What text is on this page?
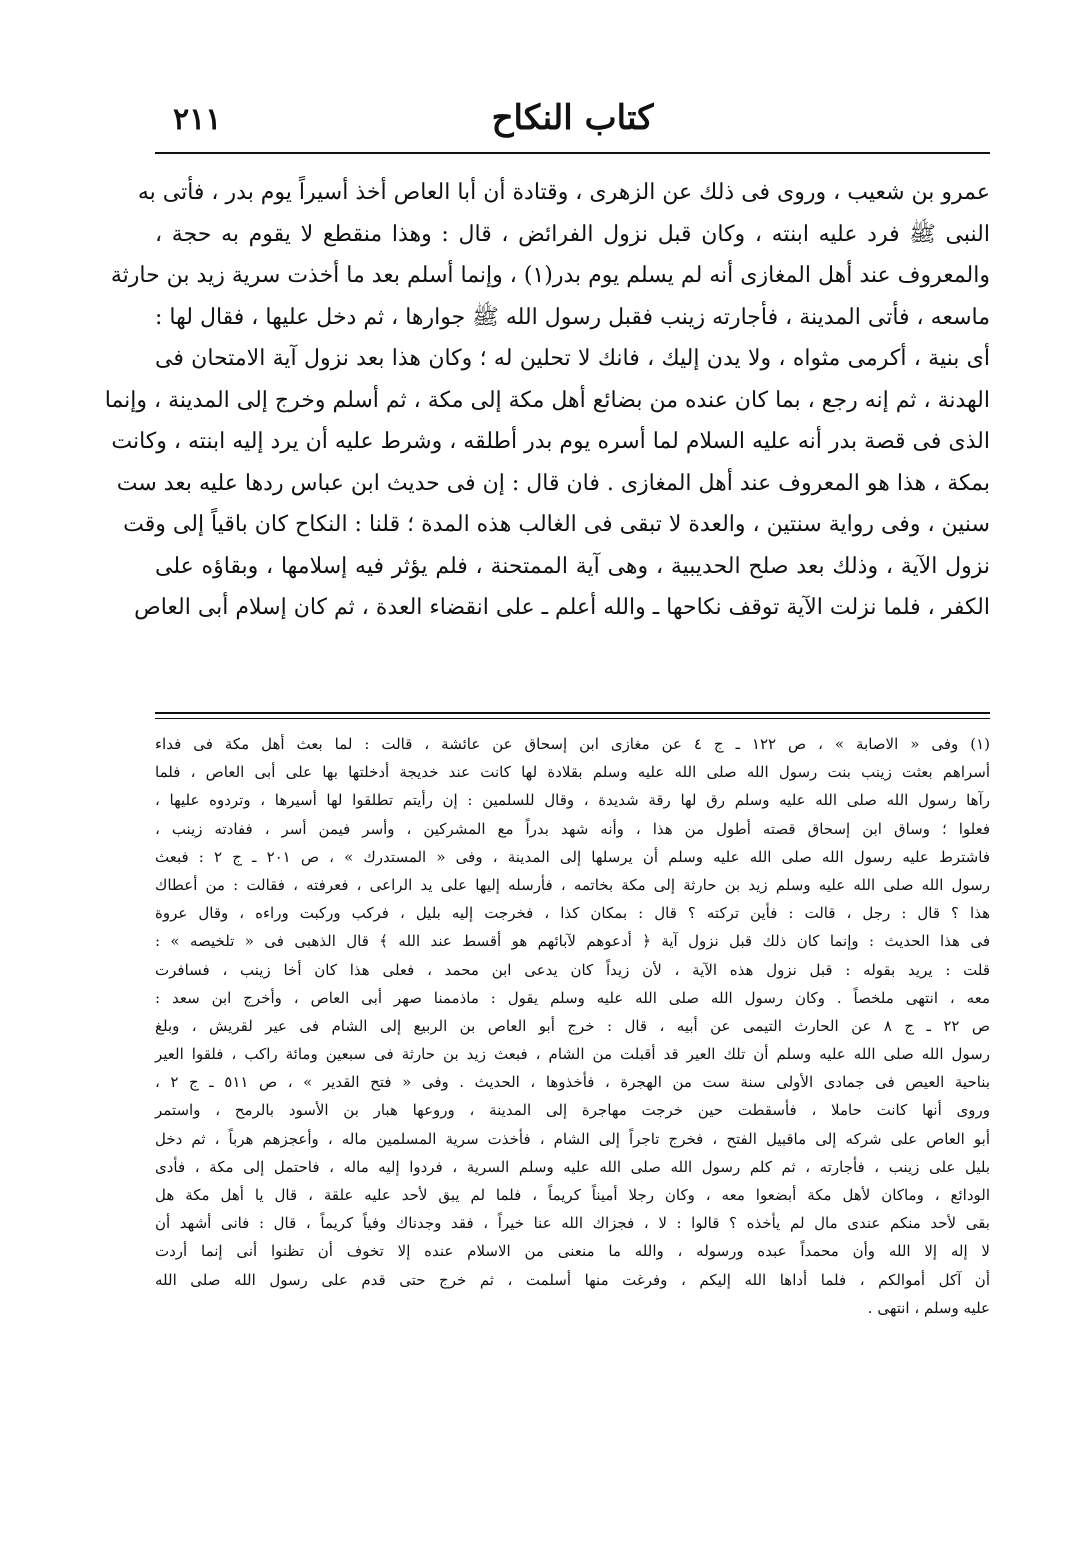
كتاب النكاح
٢١١
عمرو بن شعيب ، وروى فى ذلك عن الزهرى ، وقتادة أن أبا العاص أخذ أسيراً يوم بدر ، فأتى به
النبى ﷺ فرد عليه ابنته ، وكان قبل نزول الفرائض ، قال : وهذا منقطع لا يقوم به حجة ،
والمعروف عند أهل المغازى أنه لم يسلم يوم بدر(١) ، وإنما أسلم بعد ما أخذت سرية زيد بن حارثة
ماسعه ، فأتى المدينة ، فأجارته زينب فقبل رسول الله ﷺ جوارها ، ثم دخل عليها ، فقال لها :
أى بنية ، أكرمى مثواه ، ولا يدن إليك ، فانك لا تحلين له ؛ وكان هذا بعد نزول آية الامتحان فى
الهدنة ، ثم إنه رجع ، بما كان عنده من بضائع أهل مكة إلى مكة ، ثم أسلم وخرج إلى المدينة ، وإنما
الذى فى قصة بدر أنه عليه السلام لما أسره يوم بدر أطلقه ، وشرط عليه أن يرد إليه ابنته ، وكانت
بمكة ، هذا هو المعروف عند أهل المغازى . فان قال : إن فى حديث ابن عباس ردها عليه بعد ست
سنين ، وفى رواية سنتين ، والعدة لا تبقى فى الغالب هذه المدة ؛ قلنا : النكاح كان باقياً إلى وقت
نزول الآية ، وذلك بعد صلح الحديبية ، وهى آية الممتحنة ، فلم يؤثر فيه إسلامها ، وبقاؤه على
الكفر ، فلما نزلت الآية توقف نكاحها ـ والله أعلم ـ على انقضاء العدة ، ثم كان إسلام أبى العاص
(١) وفى « الاصابة » ، ص ١٢٢ ـ ج ٤ عن مغازى ابن إسحاق عن عائشة ، قالت : لما بعث أهل مكة فى فداء
أسراهم بعثت زينب بنت رسول الله صلى الله عليه وسلم بقلادة لها كانت عند خديجة أدخلتها بها على أبى العاص ، فلما
رآها رسول الله صلى الله عليه وسلم رق لها رقة شديدة ، وقال للسلمين : إن رأيتم تطلقوا لها أسيرها ، وتردوه عليها ،
فعلوا ؛ وساق ابن إسحاق قصته أطول من هذا ، وأنه شهد بدراً مع المشركين ، وأسر فيمن أسر ، ففادته زينب ،
فاشترط عليه رسول الله صلى الله عليه وسلم أن يرسلها إلى المدينة ، وفى « المستدرك » ، ص ٢٠١ ـ ج ٢ : فبعث
رسول الله صلى الله عليه وسلم زيد بن حارثة إلى مكة بخاتمه ، فأرسله إليها على يد الراعى ، فعرفته ، فقالت : من أعطاك
هذا ؟ قال : رجل ، قالت : فأين تركته ؟ قال : بمكان كذا ، فخرجت إليه بليل ، فركب وركبت وراءه ، وقال عروة
فى هذا الحديث : وإنما كان ذلك قبل نزول آية ﴿ أدعوهم لآبائهم هو أقسط عند الله ﴾ قال الذهبى فى « تلخيصه » :
قلت : يريد بقوله : قبل نزول هذه الآية ، لأن زيداً كان يدعى ابن محمد ، فعلى هذا كان أخا زينب ، فسافرت
معه ، انتهى ملخصاً . وكان رسول الله صلى الله عليه وسلم يقول : ماذممنا صهر أبى العاص ، وأخرج ابن سعد :
ص ٢٢ ـ ج ٨ عن الحارث التيمى عن أبيه ، قال : خرج أبو العاص بن الربيع إلى الشام فى عير لقريش ، وبلغ
رسول الله صلى الله عليه وسلم أن تلك العير قد أقبلت من الشام ، فبعث زيد بن حارثة فى سبعين ومائة راكب ، فلقوا العير
بناحية العيص فى جمادى الأولى سنة ست من الهجرة ، فأخذوها ، الحديث . وفى « فتح القدير » ، ص ٥١١ ـ ج ٢ ،
وروى أنها كانت حاملا ، فأسقطت حين خرجت مهاجرة إلى المدينة ، وروعها هبار بن الأسود بالرمح ، واستمر
أبو العاص على شركه إلى ماقبيل الفتح ، فخرج تاجراً إلى الشام ، فأخذت سرية المسلمين ماله ، وأعجزهم هرباً ، ثم دخل
بليل على زينب ، فأجارته ، ثم كلم رسول الله صلى الله عليه وسلم السرية ، فردوا إليه ماله ، فاحتمل إلى مكة ، فأدى
الودائع ، وماكان لأهل مكة أبضعوا معه ، وكان رجلا أميناً كريماً ، فلما لم يبق لأحد عليه علقة ، قال يا أهل مكة هل
بقى لأحد منكم عندى مال لم يأخذه ؟ قالوا : لا ، فجزاك الله عنا خيراً ، فقد وجدناك وفياً كريماً ، قال : فانى أشهد أن
لا إله إلا الله وأن محمداً عبده ورسوله ، والله ما منعنى من الاسلام عنده إلا تخوف أن تظنوا أنى إنما أردت
أن آكل أموالكم ، فلما أداها الله إليكم ، وفرغت منها أسلمت ، ثم خرج حتى قدم على رسول الله صلى الله
عليه وسلم ، انتهى .
